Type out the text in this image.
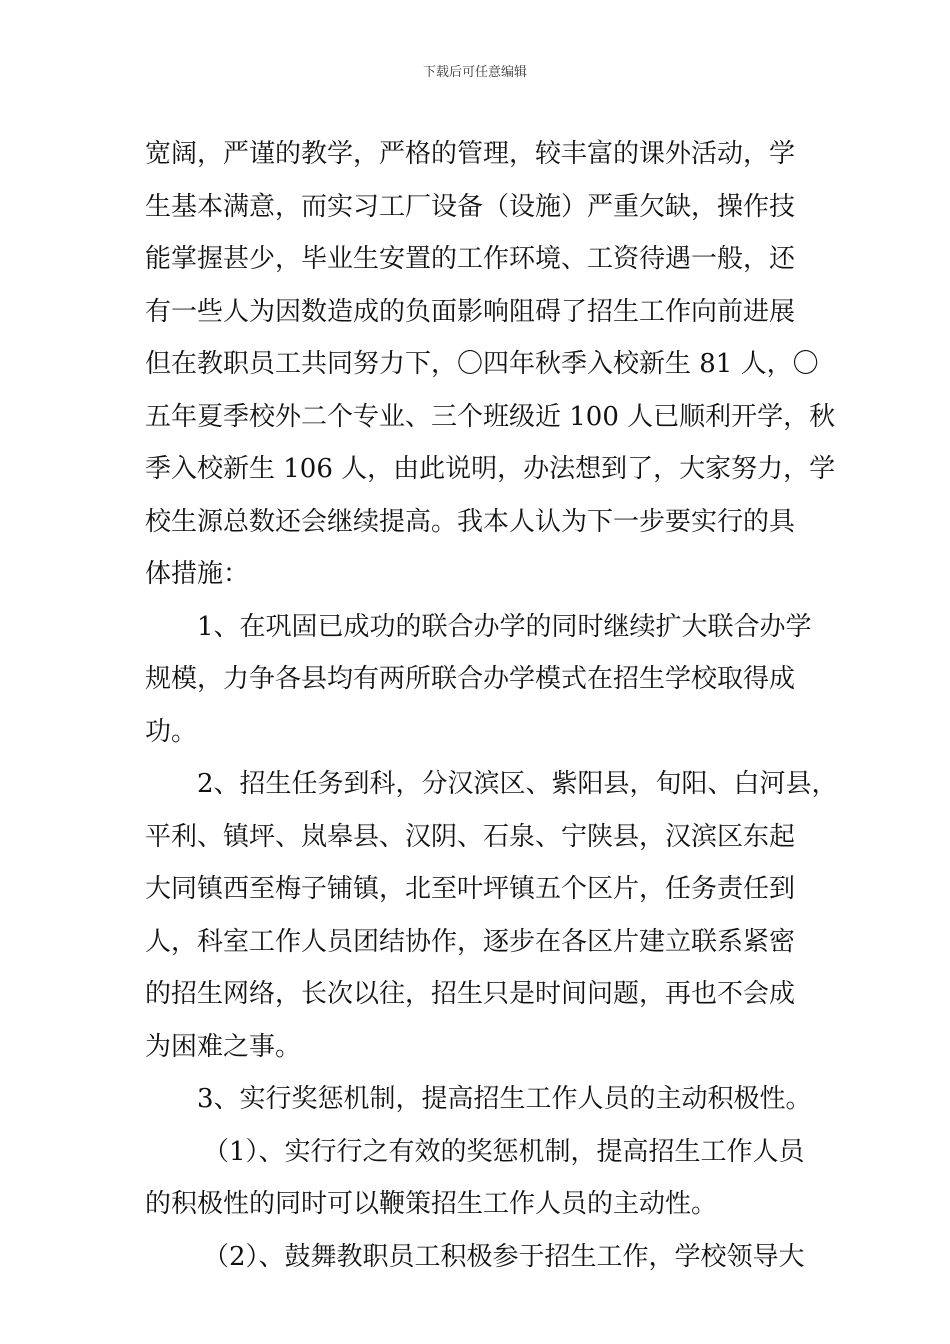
下载后可任意编辑
宽阔，严谨的教学，严格的管理，较丰富的课外活动，学
生基本满意，而实习工厂设备（设施）严重欠缺，操作技
能掌握甚少，毕业生安置的工作环境、工资待遇一般，还
有一些人为因数造成的负面影响阻碍了招生工作向前进展
但在教职员工共同努力下，〇四年秋季入校新生 81 人，〇
五年夏季校外二个专业、三个班级近 100 人已顺利开学，秋
季入校新生 106 人，由此说明，办法想到了，大家努力，学
校生源总数还会继续提高。我本人认为下一步要实行的具
体措施：
1、在巩固已成功的联合办学的同时继续扩大联合办学
规模，力争各县均有两所联合办学模式在招生学校取得成
功。
2、招生任务到科，分汉滨区、紫阳县，旬阳、白河县，
平利、镇坪、岚皋县、汉阴、石泉、宁陕县，汉滨区东起
大同镇西至梅子铺镇，北至叶坪镇五个区片，任务责任到
人，科室工作人员团结协作，逐步在各区片建立联系紧密
的招生网络，长次以往，招生只是时间问题，再也不会成
为困难之事。
3、实行奖惩机制，提高招生工作人员的主动积极性。
（1）、实行行之有效的奖惩机制，提高招生工作人员
的积极性的同时可以鞭策招生工作人员的主动性。
（2）、鼓舞教职员工积极参于招生工作，学校领导大
